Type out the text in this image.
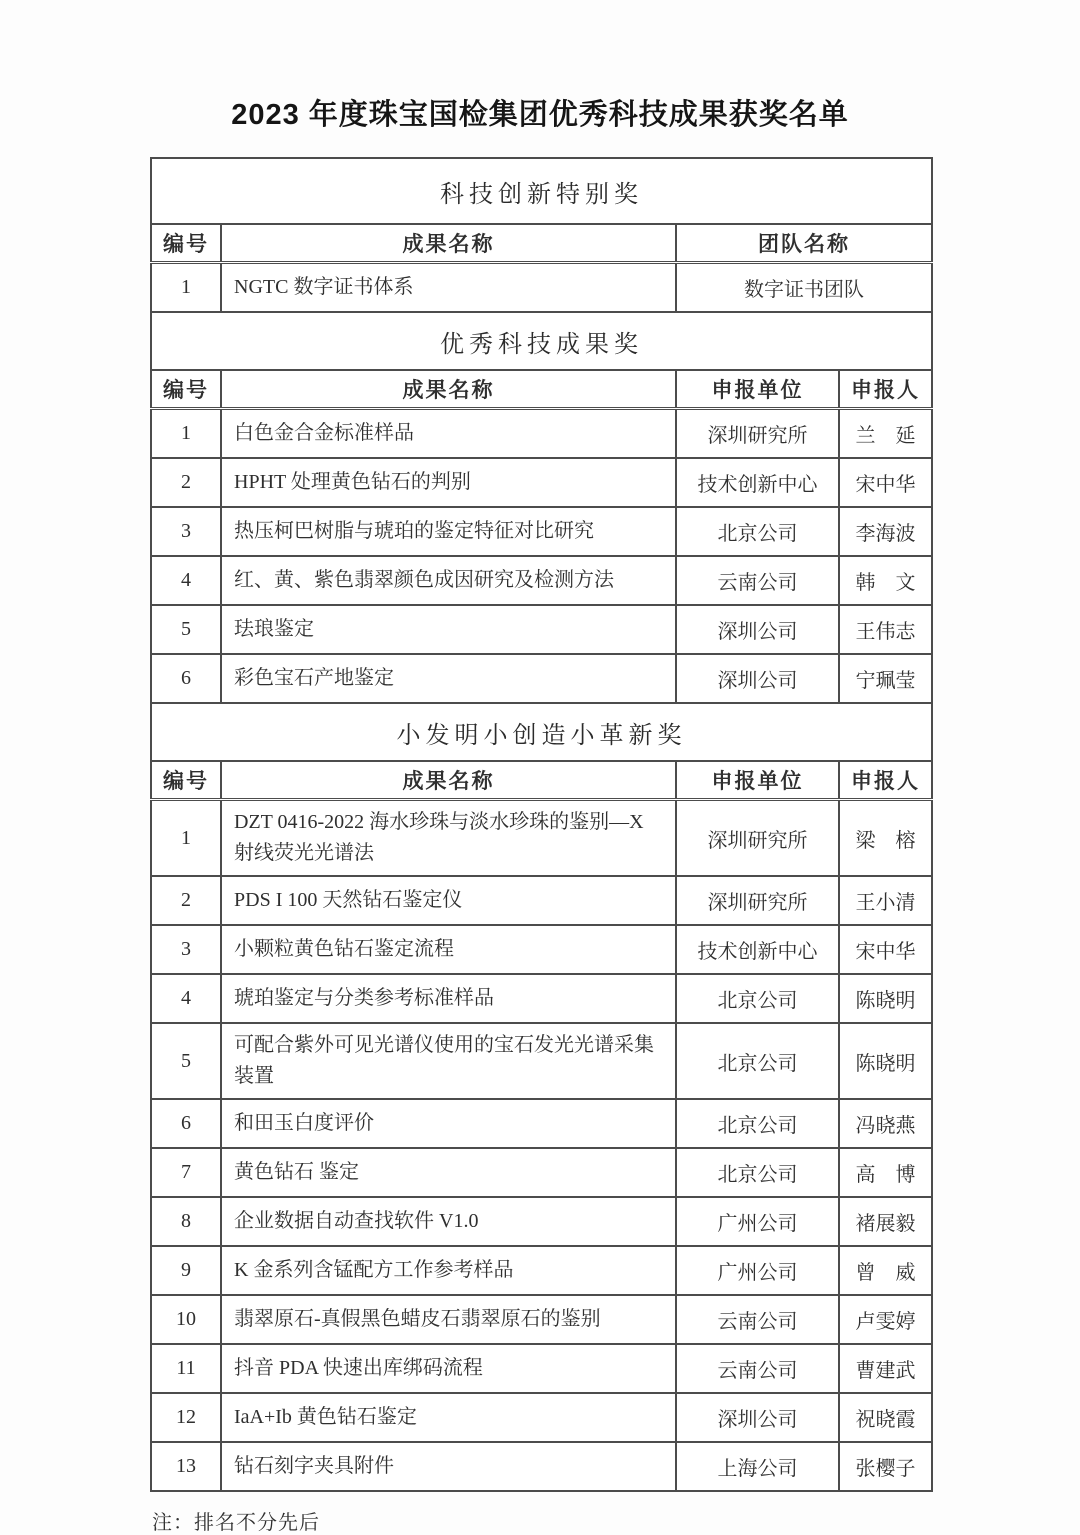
2023 年度珠宝国检集团优秀科技成果获奖名单
科技创新特别奖			
编号	成果名称	团队名称	
1	NGTC 数字证书体系	数字证书团队	
优秀科技成果奖			
编号	成果名称	申报单位	申报人
1	白色金合金标准样品	深圳研究所	兰　延
2	HPHT 处理黄色钻石的判别	技术创新中心	宋中华
3	热压柯巴树脂与琥珀的鉴定特征对比研究	北京公司	李海波
4	红、黄、紫色翡翠颜色成因研究及检测方法	云南公司	韩　文
5	珐琅鉴定	深圳公司	王伟志
6	彩色宝石产地鉴定	深圳公司	宁珮莹
小发明小创造小革新奖			
编号	成果名称	申报单位	申报人
1	DZT 0416-2022 海水珍珠与淡水珍珠的鉴别—X射线荧光光谱法	深圳研究所	梁　榕
2	PDS I 100 天然钻石鉴定仪	深圳研究所	王小清
3	小颗粒黄色钻石鉴定流程	技术创新中心	宋中华
4	琥珀鉴定与分类参考标准样品	北京公司	陈晓明
5	可配合紫外可见光谱仪使用的宝石发光光谱采集装置	北京公司	陈晓明
6	和田玉白度评价	北京公司	冯晓燕
7	黄色钻石 鉴定	北京公司	高　博
8	企业数据自动查找软件 V1.0	广州公司	褚展毅
9	K 金系列含锰配方工作参考样品	广州公司	曾　威
10	翡翠原石-真假黑色蜡皮石翡翠原石的鉴别	云南公司	卢雯婷
11	抖音 PDA 快速出库绑码流程	云南公司	曹建武
12	IaA+Ib 黄色钻石鉴定	深圳公司	祝晓霞
13	钻石刻字夹具附件	上海公司	张樱子
注：排名不分先后
